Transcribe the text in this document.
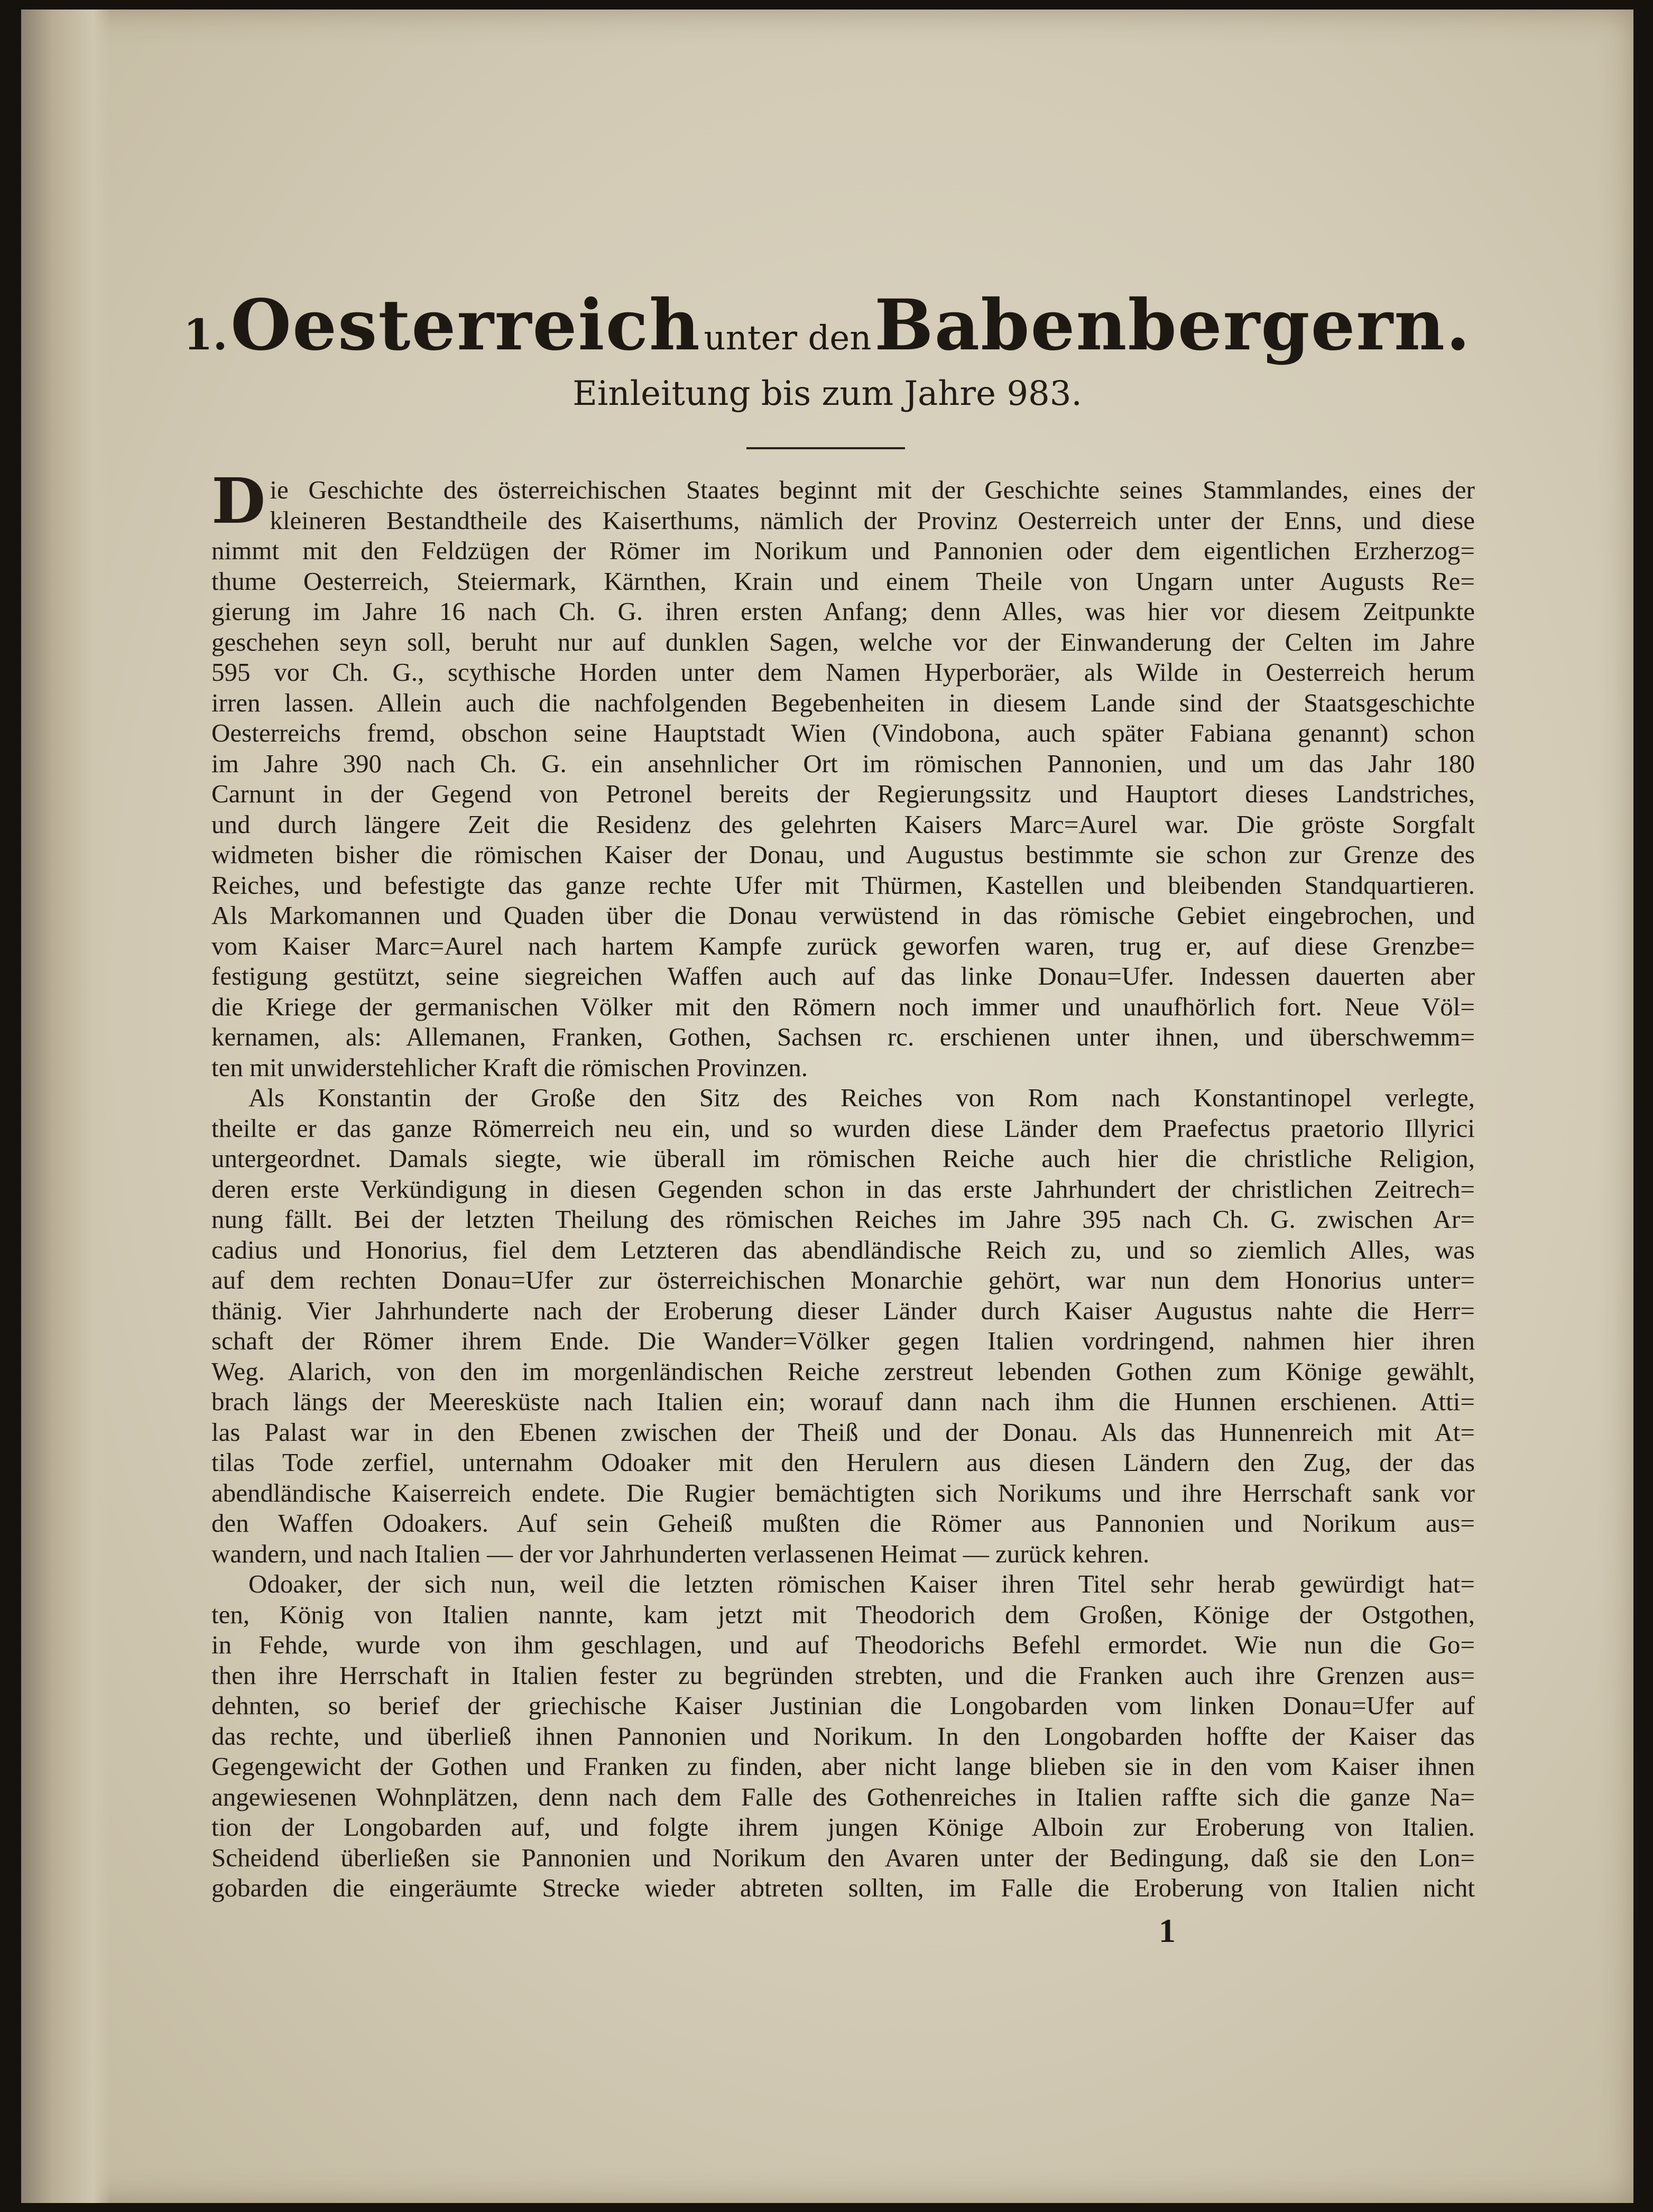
1. Oesterreich unter den Babenbergern.
Einleitung bis zum Jahre 983.
D ie Geschichte des österreichischen Staates beginnt mit der Geschichte seines Stammlandes, eines der
kleineren Bestandtheile des Kaiserthums, nämlich der Provinz Oesterreich unter der Enns, und diese
nimmt mit den Feldzügen der Römer im Norikum und Pannonien oder dem eigentlichen Erzherzog=
thume Oesterreich, Steiermark, Kärnthen, Krain und einem Theile von Ungarn unter Augusts Re=
gierung im Jahre 16 nach Ch. G. ihren ersten Anfang; denn Alles, was hier vor diesem Zeitpunkte
geschehen seyn soll, beruht nur auf dunklen Sagen, welche vor der Einwanderung der Celten im Jahre
595 vor Ch. G., scythische Horden unter dem Namen Hyperboräer, als Wilde in Oesterreich herum
irren lassen. Allein auch die nachfolgenden Begebenheiten in diesem Lande sind der Staatsgeschichte
Oesterreichs fremd, obschon seine Hauptstadt Wien (Vindobona, auch später Fabiana genannt) schon
im Jahre 390 nach Ch. G. ein ansehnlicher Ort im römischen Pannonien, und um das Jahr 180
Carnunt in der Gegend von Petronel bereits der Regierungssitz und Hauptort dieses Landstriches,
und durch längere Zeit die Residenz des gelehrten Kaisers Marc=Aurel war. Die gröste Sorgfalt
widmeten bisher die römischen Kaiser der Donau, und Augustus bestimmte sie schon zur Grenze des
Reiches, und befestigte das ganze rechte Ufer mit Thürmen, Kastellen und bleibenden Standquartieren.
Als Markomannen und Quaden über die Donau verwüstend in das römische Gebiet eingebrochen, und
vom Kaiser Marc=Aurel nach hartem Kampfe zurück geworfen waren, trug er, auf diese Grenzbe=
festigung gestützt, seine siegreichen Waffen auch auf das linke Donau=Ufer. Indessen dauerten aber
die Kriege der germanischen Völker mit den Römern noch immer und unaufhörlich fort. Neue Völ=
kernamen, als: Allemanen, Franken, Gothen, Sachsen rc. erschienen unter ihnen, und überschwemm=
ten mit unwiderstehlicher Kraft die römischen Provinzen.
Als Konstantin der Große den Sitz des Reiches von Rom nach Konstantinopel verlegte,
theilte er das ganze Römerreich neu ein, und so wurden diese Länder dem Praefectus praetorio Illyrici
untergeordnet. Damals siegte, wie überall im römischen Reiche auch hier die christliche Religion,
deren erste Verkündigung in diesen Gegenden schon in das erste Jahrhundert der christlichen Zeitrech=
nung fällt. Bei der letzten Theilung des römischen Reiches im Jahre 395 nach Ch. G. zwischen Ar=
cadius und Honorius, fiel dem Letzteren das abendländische Reich zu, und so ziemlich Alles, was
auf dem rechten Donau=Ufer zur österreichischen Monarchie gehört, war nun dem Honorius unter=
thänig. Vier Jahrhunderte nach der Eroberung dieser Länder durch Kaiser Augustus nahte die Herr=
schaft der Römer ihrem Ende. Die Wander=Völker gegen Italien vordringend, nahmen hier ihren
Weg. Alarich, von den im morgenländischen Reiche zerstreut lebenden Gothen zum Könige gewählt,
brach längs der Meeresküste nach Italien ein; worauf dann nach ihm die Hunnen erschienen. Atti=
las Palast war in den Ebenen zwischen der Theiß und der Donau. Als das Hunnenreich mit At=
tilas Tode zerfiel, unternahm Odoaker mit den Herulern aus diesen Ländern den Zug, der das
abendländische Kaiserreich endete. Die Rugier bemächtigten sich Norikums und ihre Herrschaft sank vor
den Waffen Odoakers. Auf sein Geheiß mußten die Römer aus Pannonien und Norikum aus=
wandern, und nach Italien — der vor Jahrhunderten verlassenen Heimat — zurück kehren.
Odoaker, der sich nun, weil die letzten römischen Kaiser ihren Titel sehr herab gewürdigt hat=
ten, König von Italien nannte, kam jetzt mit Theodorich dem Großen, Könige der Ostgothen,
in Fehde, wurde von ihm geschlagen, und auf Theodorichs Befehl ermordet. Wie nun die Go=
then ihre Herrschaft in Italien fester zu begründen strebten, und die Franken auch ihre Grenzen aus=
dehnten, so berief der griechische Kaiser Justinian die Longobarden vom linken Donau=Ufer auf
das rechte, und überließ ihnen Pannonien und Norikum. In den Longobarden hoffte der Kaiser das
Gegengewicht der Gothen und Franken zu finden, aber nicht lange blieben sie in den vom Kaiser ihnen
angewiesenen Wohnplätzen, denn nach dem Falle des Gothenreiches in Italien raffte sich die ganze Na=
tion der Longobarden auf, und folgte ihrem jungen Könige Alboin zur Eroberung von Italien.
Scheidend überließen sie Pannonien und Norikum den Avaren unter der Bedingung, daß sie den Lon=
gobarden die eingeräumte Strecke wieder abtreten sollten, im Falle die Eroberung von Italien nicht
1
